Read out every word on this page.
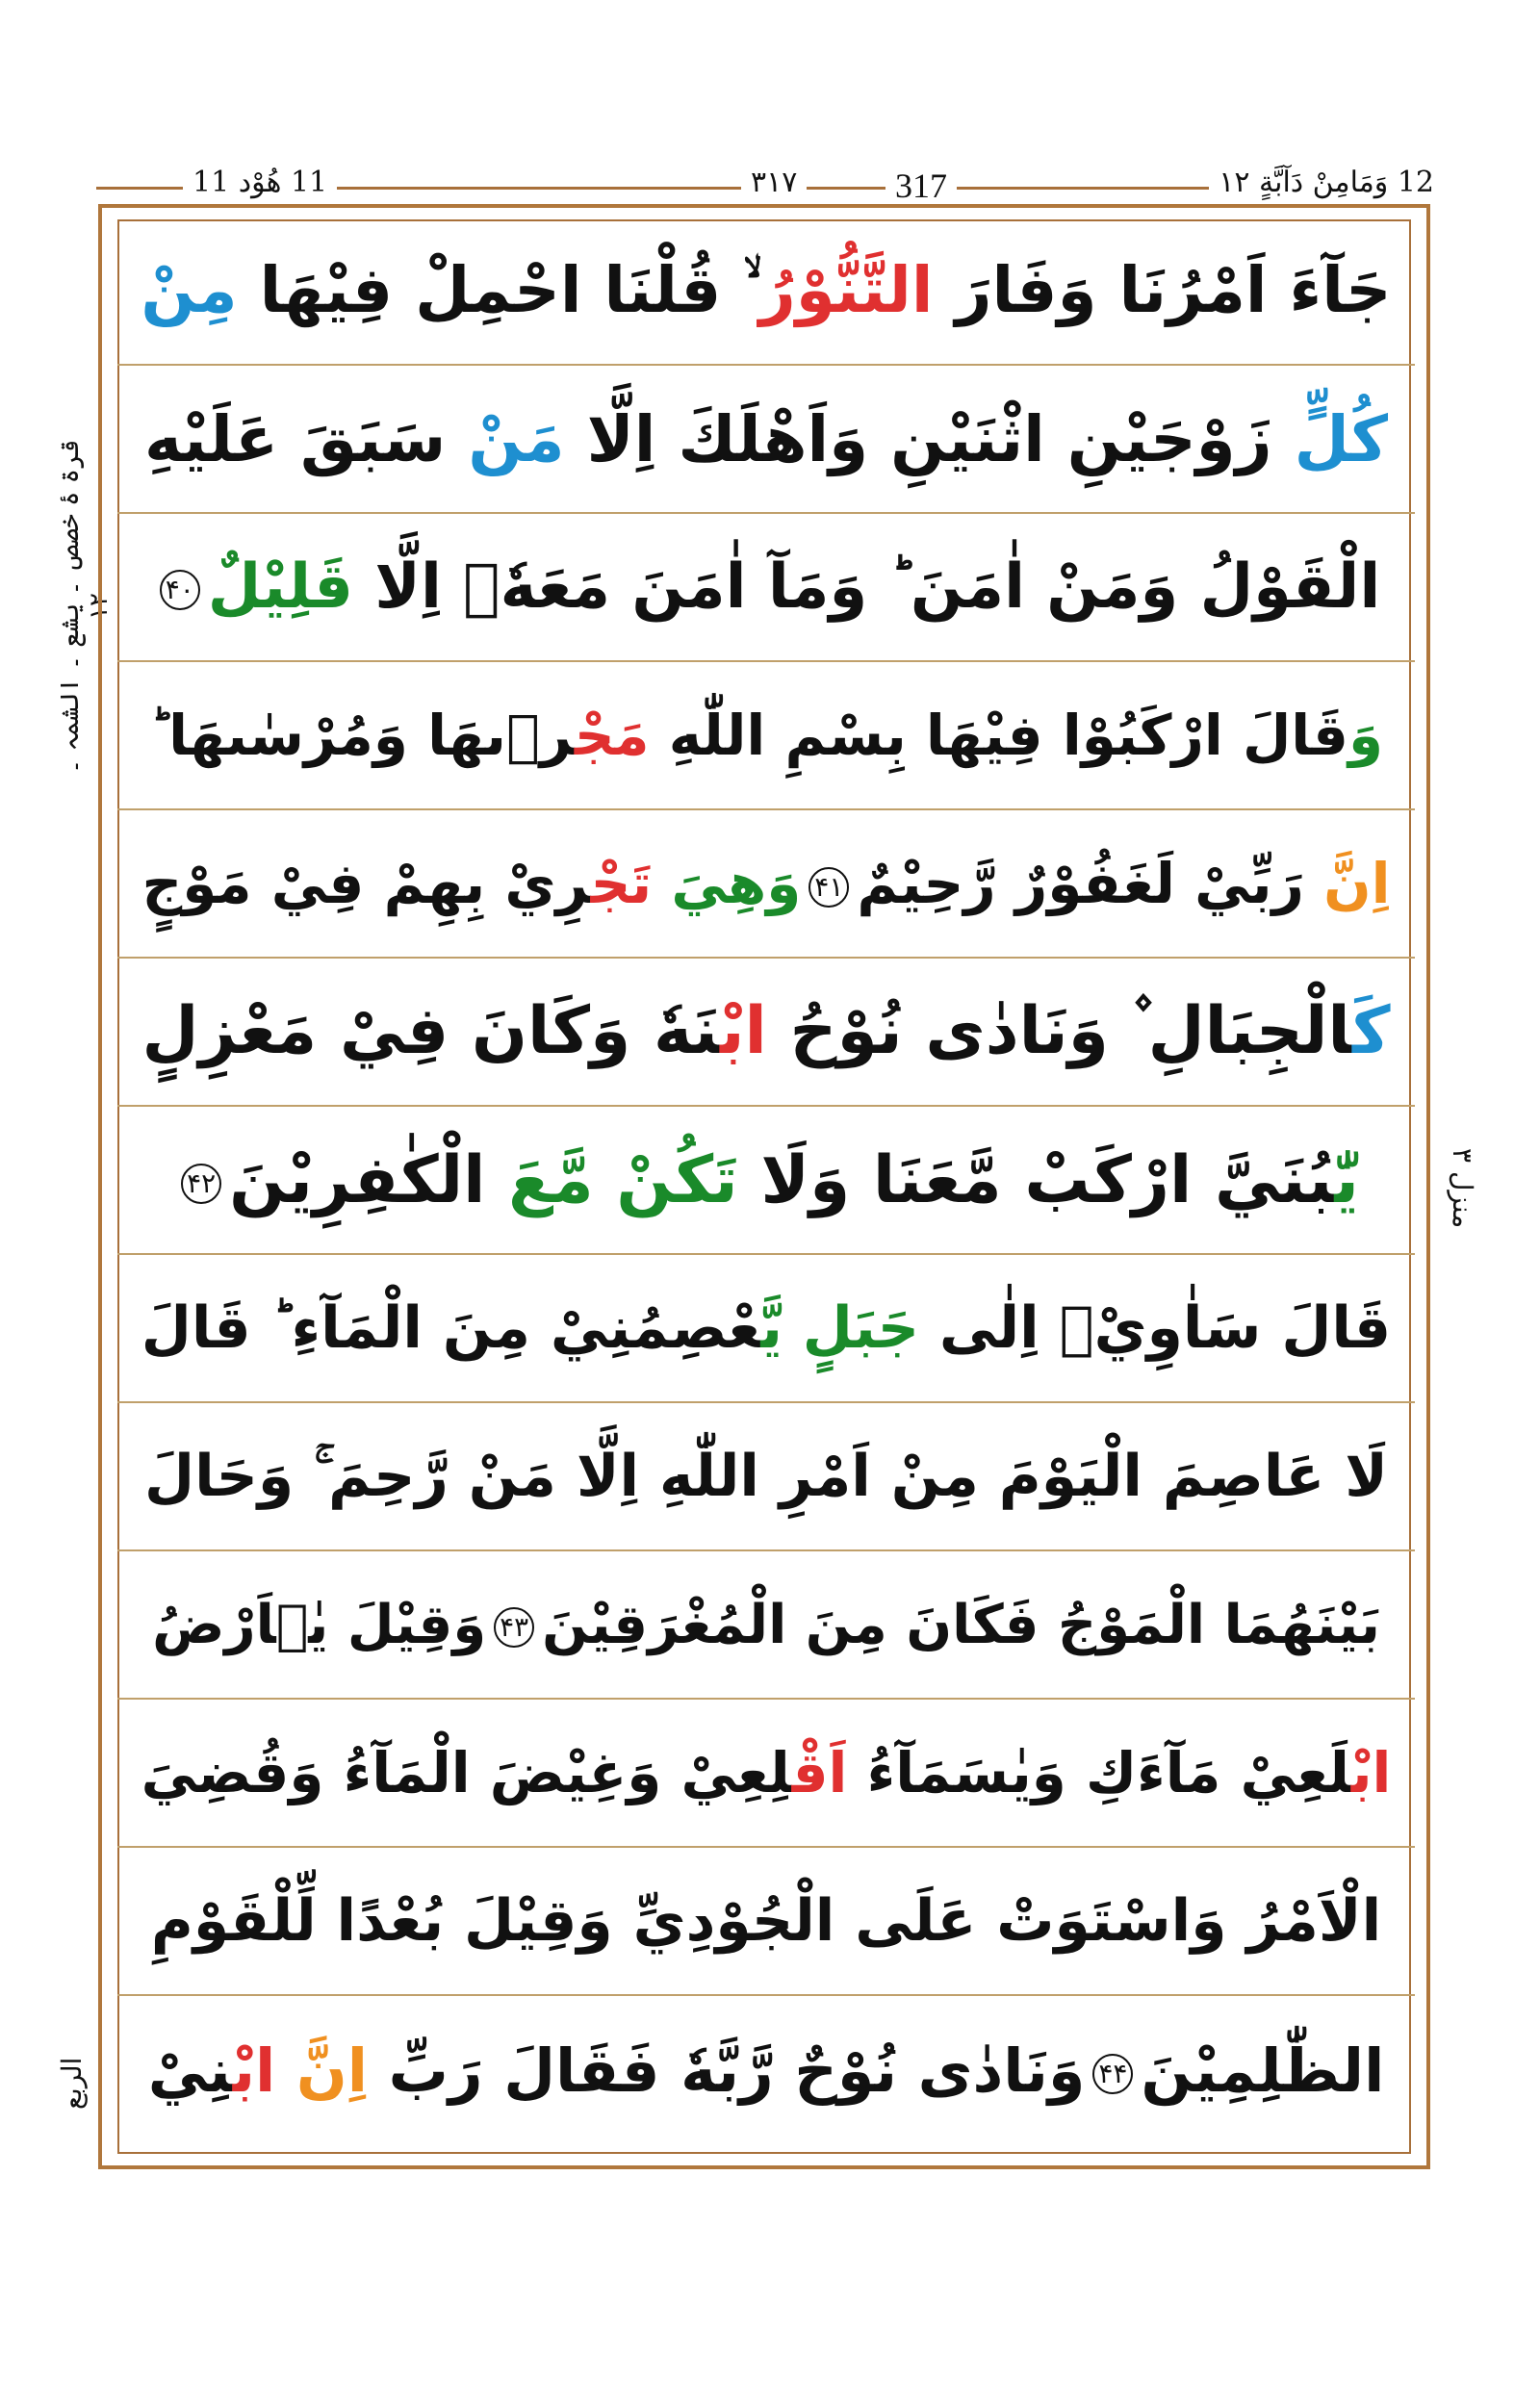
11 هُوْد 11	۳۱۷	317	12 وَمَامِنْ دَآبَّةٍ ۱۲
قرۃ ۂ خصص ۔ یشع ۔ الشمہ ۔ ۱۲
الربع
منزل ۳
جَآءَ اَمْرُنَا وَفَارَ التَّنُّوْرُ ۙ قُلْنَا احْمِلْ فِيْهَا مِنْ
كُلٍّ زَوْجَيْنِ اثْنَيْنِ وَاَهْلَكَ اِلَّا مَنْ سَبَقَ عَلَيْهِ
الْقَوْلُ وَمَنْ اٰمَنَ ؕ وَمَآ اٰمَنَ مَعَهٗۤ اِلَّا قَلِيْلٌ۴۰
وَقَالَ ارْكَبُوْا فِيْهَا بِسْمِ اللّٰهِ مَجْرٖىهَا وَمُرْسٰىهَا ؕ
اِنَّ رَبِّيْ لَغَفُوْرٌ رَّحِيْمٌ۴۱وَهِيَ تَجْرِيْ بِهِمْ فِيْ مَوْجٍ
كَالْجِبَالِ ۫ وَنَادٰى نُوْحُ ابْنَهٗ وَكَانَ فِيْ مَعْزِلٍ
يّٰبُنَيَّ ارْكَبْ مَّعَنَا وَلَا تَكُنْ مَّعَ الْكٰفِرِيْنَ۴۲
قَالَ سَاٰوِيْۤ اِلٰى جَبَلٍ يَّعْصِمُنِيْ مِنَ الْمَآءِ ؕ قَالَ
لَا عَاصِمَ الْيَوْمَ مِنْ اَمْرِ اللّٰهِ اِلَّا مَنْ رَّحِمَ ۚ وَحَالَ
بَيْنَهُمَا الْمَوْجُ فَكَانَ مِنَ الْمُغْرَقِيْنَ۴۳وَقِيْلَ يٰۤاَرْضُ
ابْلَعِيْ مَآءَكِ وَيٰسَمَآءُ اَقْلِعِيْ وَغِيْضَ الْمَآءُ وَقُضِيَ
الْاَمْرُ وَاسْتَوَتْ عَلَى الْجُوْدِيِّ وَقِيْلَ بُعْدًا لِّلْقَوْمِ
الظّٰلِمِيْنَ۴۴وَنَادٰى نُوْحٌ رَّبَّهٗ فَقَالَ رَبِّ اِنَّ ابْنِيْ
